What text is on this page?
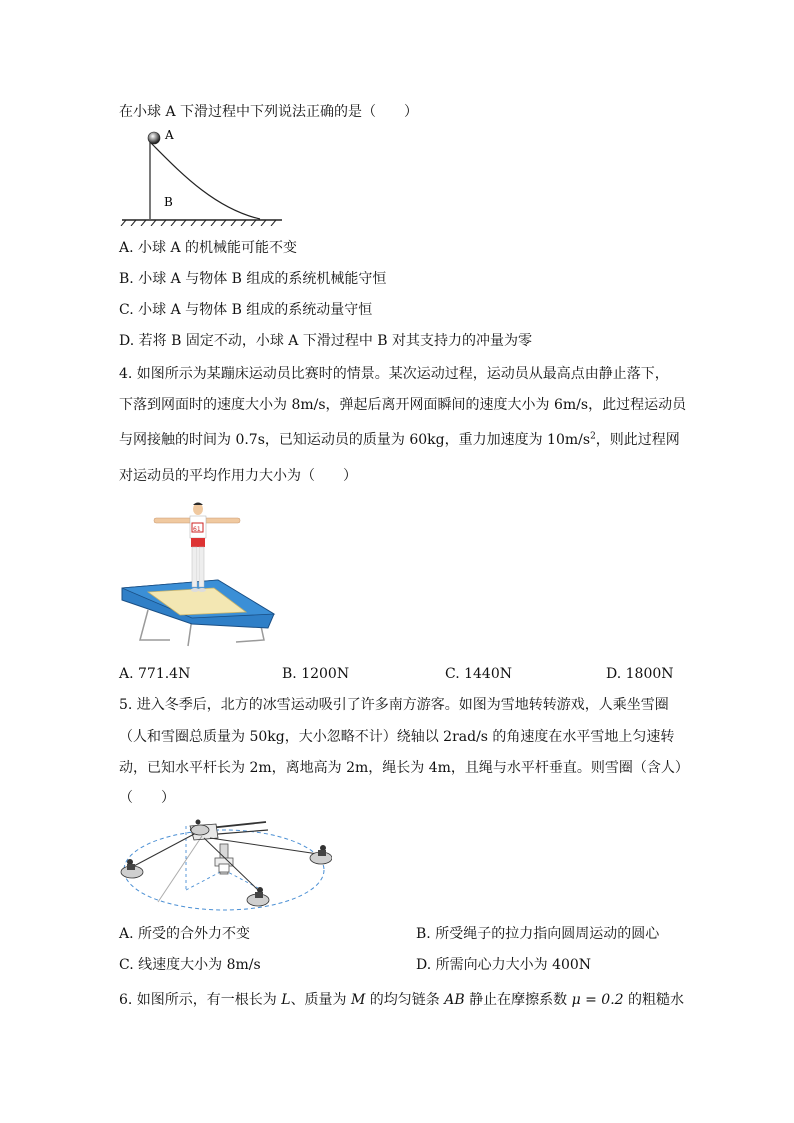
在小球 A 下滑过程中下列说法正确的是（　　）
A
B
A. 小球 A 的机械能可能不变
B. 小球 A 与物体 B 组成的系统机械能守恒
C. 小球 A 与物体 B 组成的系统动量守恒
D. 若将 B 固定不动，小球 A 下滑过程中 B 对其支持力的冲量为零
4. 如图所示为某蹦床运动员比赛时的情景。某次运动过程，运动员从最高点由静止落下，
下落到网面时的速度大小为 8m/s，弹起后离开网面瞬间的速度大小为 6m/s，此过程运动员
与网接触的时间为 0.7s，已知运动员的质量为 60kg，重力加速度为 $10m/s^2$，则此过程网
对运动员的平均作用力大小为（　　）
61
A. 771.4N	B. 1200N	C. 1440N	D. 1800N
5. 进入冬季后，北方的冰雪运动吸引了许多南方游客。如图为雪地转转游戏，人乘坐雪圈
（人和雪圈总质量为 50kg，大小忽略不计）绕轴以 2rad/s 的角速度在水平雪地上匀速转
动，已知水平杆长为 2m，离地高为 2m，绳长为 4m，且绳与水平杆垂直。则雪圈（含人）
（　　）
A. 所受的合外力不变	B. 所受绳子的拉力指向圆周运动的圆心
C. 线速度大小为 8m/s	D. 所需向心力大小为 400N
6. 如图所示，有一根长为 L、质量为 M 的均匀链条 AB 静止在摩擦系数 μ = 0.2 的粗糙水
